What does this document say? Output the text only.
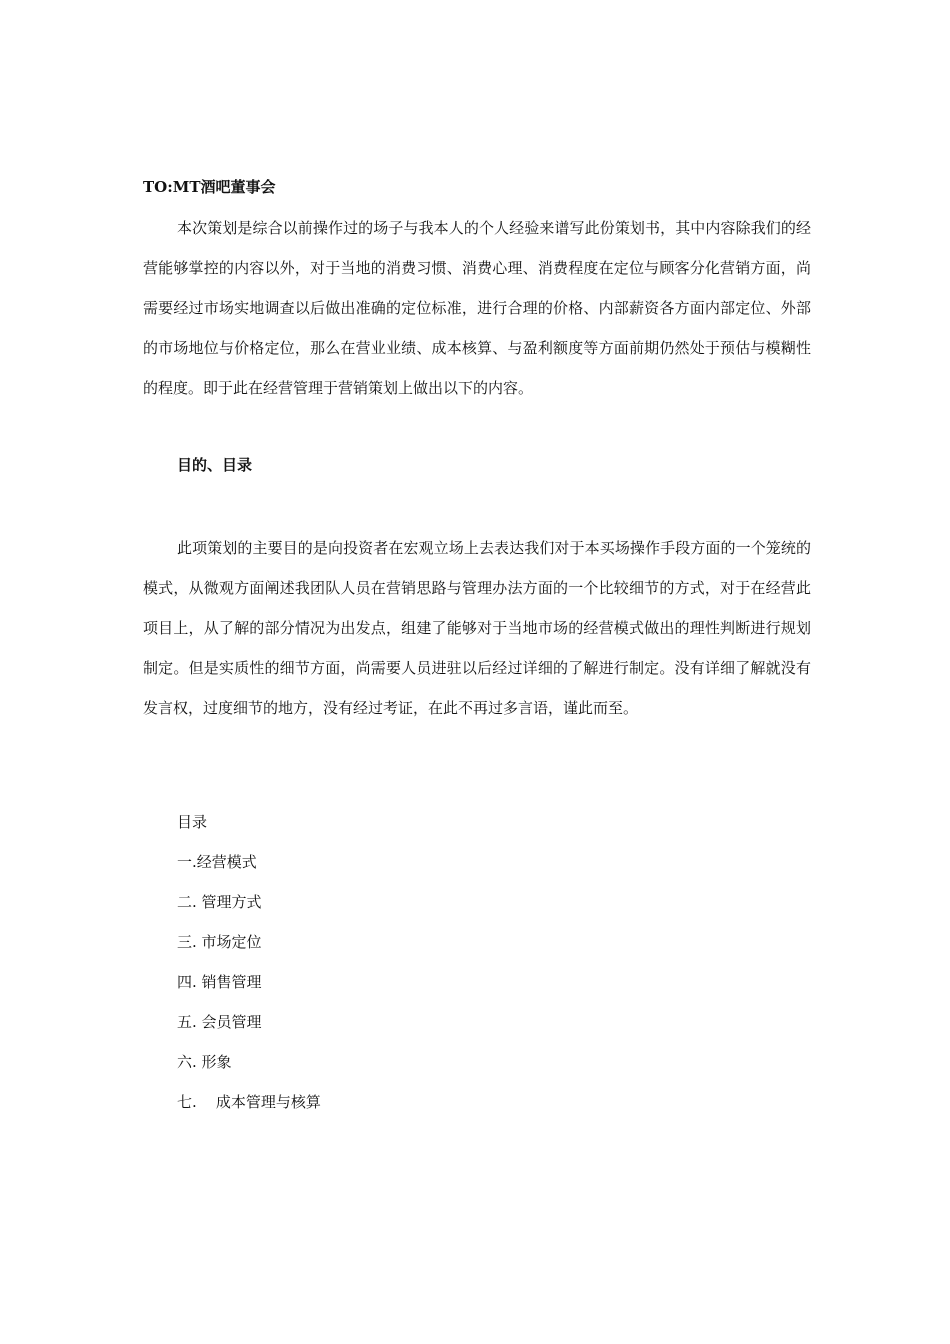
TO:MT酒吧董事会

本次策划是综合以前操作过的场子与我本人的个人经验来谱写此份策划书，其中内容除我们的经营能够掌控的内容以外，对于当地的消费习惯、消费心理、消费程度在定位与顾客分化营销方面，尚需要经过市场实地调查以后做出准确的定位标准，进行合理的价格、内部薪资各方面内部定位、外部的市场地位与价格定位，那么在营业业绩、成本核算、与盈利额度等方面前期仍然处于预估与模糊性的程度。即于此在经营管理于营销策划上做出以下的内容。

目的、目录

此项策划的主要目的是向投资者在宏观立场上去表达我们对于本买场操作手段方面的一个笼统的模式，从微观方面阐述我团队人员在营销思路与管理办法方面的一个比较细节的方式，对于在经营此项目上，从了解的部分情况为出发点，组建了能够对于当地市场的经营模式做出的理性判断进行规划制定。但是实质性的细节方面，尚需要人员进驻以后经过详细的了解进行制定。没有详细了解就没有发言权，过度细节的地方，没有经过考证，在此不再过多言语，谨此而至。

目录

一.经营模式
二. 管理方式
三. 市场定位
四. 销售管理
五. 会员管理
六. 形象
七.    成本管理与核算
